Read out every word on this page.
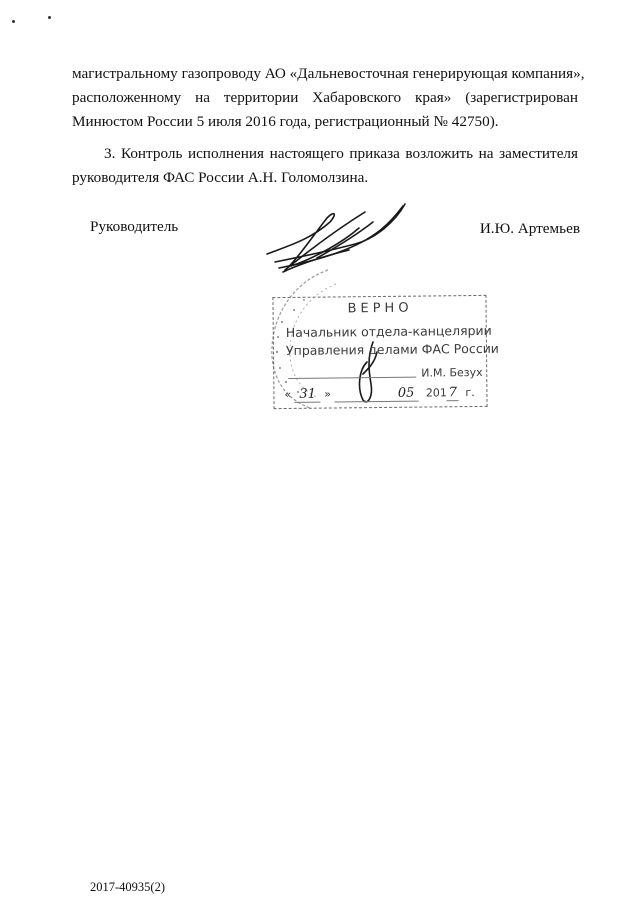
магистральному газопроводу АО «Дальневосточная генерирующая компания»,
расположенному на территории Хабаровского края» (зарегистрирован
Минюстом России 5 июля 2016 года, регистрационный № 42750).
3. Контроль исполнения настоящего приказа возложить на заместителя
руководителя ФАС России А.Н. Голомолзина.
Руководитель	И.Ю. Артемьев
ВЕРНО
Начальник отдела-канцелярии
Управления делами ФАС России
И.М. Безух
« 31 »	05 201 7 г.
2017-40935(2)
